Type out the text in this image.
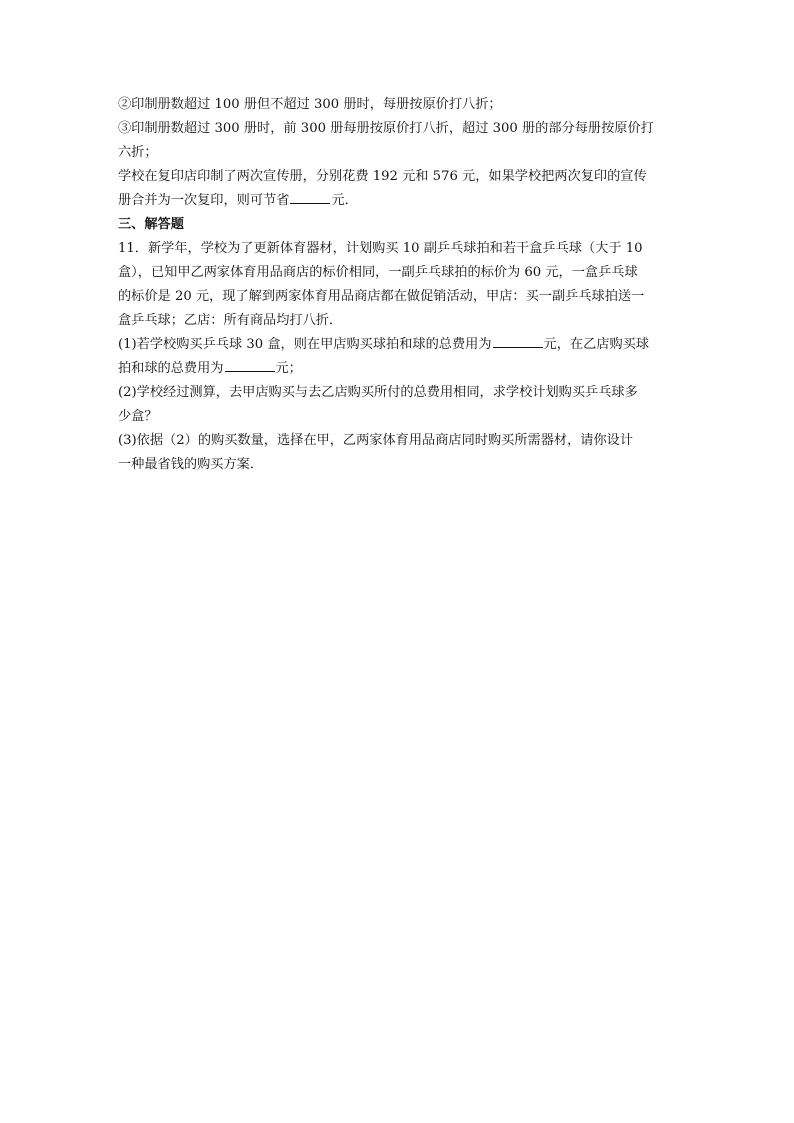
②印制册数超过 100 册但不超过 300 册时，每册按原价打八折；
③印制册数超过 300 册时，前 300 册每册按原价打八折，超过 300 册的部分每册按原价打
六折；
学校在复印店印制了两次宣传册，分别花费 192 元和 576 元，如果学校把两次复印的宣传
册合并为一次复印，则可节省	元．
三、解答题
11．新学年，学校为了更新体育器材，计划购买 10 副乒乓球拍和若干盒乒乓球（大于 10
盒），已知甲乙两家体育用品商店的标价相同，一副乒乓球拍的标价为 60 元，一盒乒乓球
的标价是 20 元，现了解到两家体育用品商店都在做促销活动，甲店：买一副乒乓球拍送一
盒乒乓球；乙店：所有商品均打八折．
(1)若学校购买乒乓球 30 盒，则在甲店购买球拍和球的总费用为	元，在乙店购买球
拍和球的总费用为	元；
(2)学校经过测算，去甲店购买与去乙店购买所付的总费用相同，求学校计划购买乒乓球多
少盒？
(3)依据（2）的购买数量，选择在甲，乙两家体育用品商店同时购买所需器材，请你设计
一种最省钱的购买方案．
